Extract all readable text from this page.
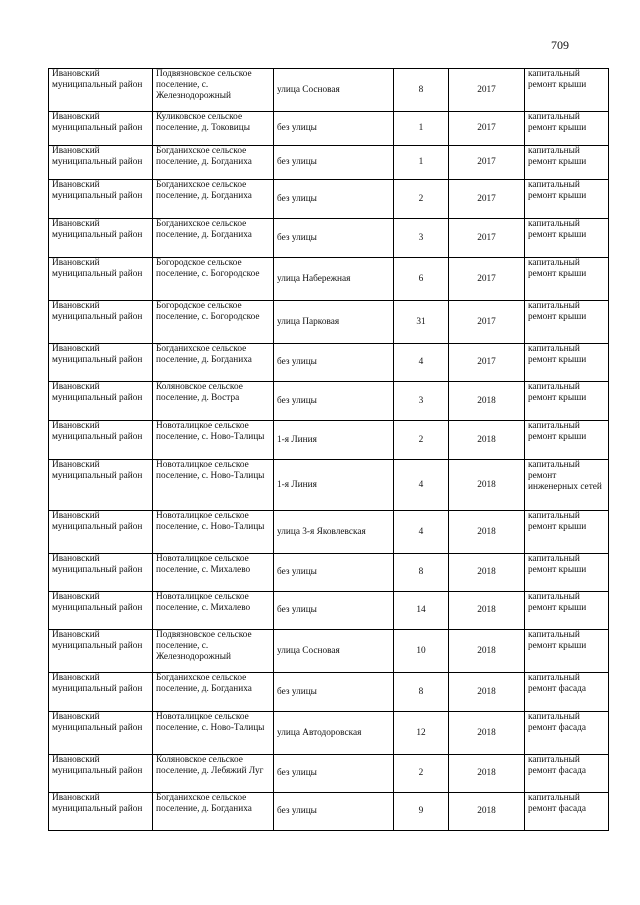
709
Ивановский муниципальный район	Подвязновское сельское поселение, с. Железнодорожный	улица Сосновая	8	2017	капитальный ремонт крыши
Ивановский муниципальный район	Куликовское сельское поселение, д. Токовицы	без улицы	1	2017	капитальный ремонт крыши
Ивановский муниципальный район	Богданихское сельское поселение, д. Богданиха	без улицы	1	2017	капитальный ремонт крыши
Ивановский муниципальный район	Богданихское сельское поселение, д. Богданиха	без улицы	2	2017	капитальный ремонт крыши
Ивановский муниципальный район	Богданихское сельское поселение, д. Богданиха	без улицы	3	2017	капитальный ремонт крыши
Ивановский муниципальный район	Богородское сельское поселение, с. Богородское	улица Набережная	6	2017	капитальный ремонт крыши
Ивановский муниципальный район	Богородское сельское поселение, с. Богородское	улица Парковая	31	2017	капитальный ремонт крыши
Ивановский муниципальный район	Богданихское сельское поселение, д. Богданиха	без улицы	4	2017	капитальный ремонт крыши
Ивановский муниципальный район	Коляновское сельское поселение, д. Востра	без улицы	3	2018	капитальный ремонт крыши
Ивановский муниципальный район	Новоталицкое сельское поселение, с. Ново-Талицы	1-я Линия	2	2018	капитальный ремонт крыши
Ивановский муниципальный район	Новоталицкое сельское поселение, с. Ново-Талицы	1-я Линия	4	2018	капитальный ремонт инженерных сетей
Ивановский муниципальный район	Новоталицкое сельское поселение, с. Ново-Талицы	улица 3-я Яковлевская	4	2018	капитальный ремонт крыши
Ивановский муниципальный район	Новоталицкое сельское поселение, с. Михалево	без улицы	8	2018	капитальный ремонт крыши
Ивановский муниципальный район	Новоталицкое сельское поселение, с. Михалево	без улицы	14	2018	капитальный ремонт крыши
Ивановский муниципальный район	Подвязновское сельское поселение, с. Железнодорожный	улица Сосновая	10	2018	капитальный ремонт крыши
Ивановский муниципальный район	Богданихское сельское поселение, д. Богданиха	без улицы	8	2018	капитальный ремонт фасада
Ивановский муниципальный район	Новоталицкое сельское поселение, с. Ново-Талицы	улица Автодоровская	12	2018	капитальный ремонт фасада
Ивановский муниципальный район	Коляновское сельское поселение, д. Лебяжий Луг	без улицы	2	2018	капитальный ремонт фасада
Ивановский муниципальный район	Богданихское сельское поселение, д. Богданиха	без улицы	9	2018	капитальный ремонт фасада
